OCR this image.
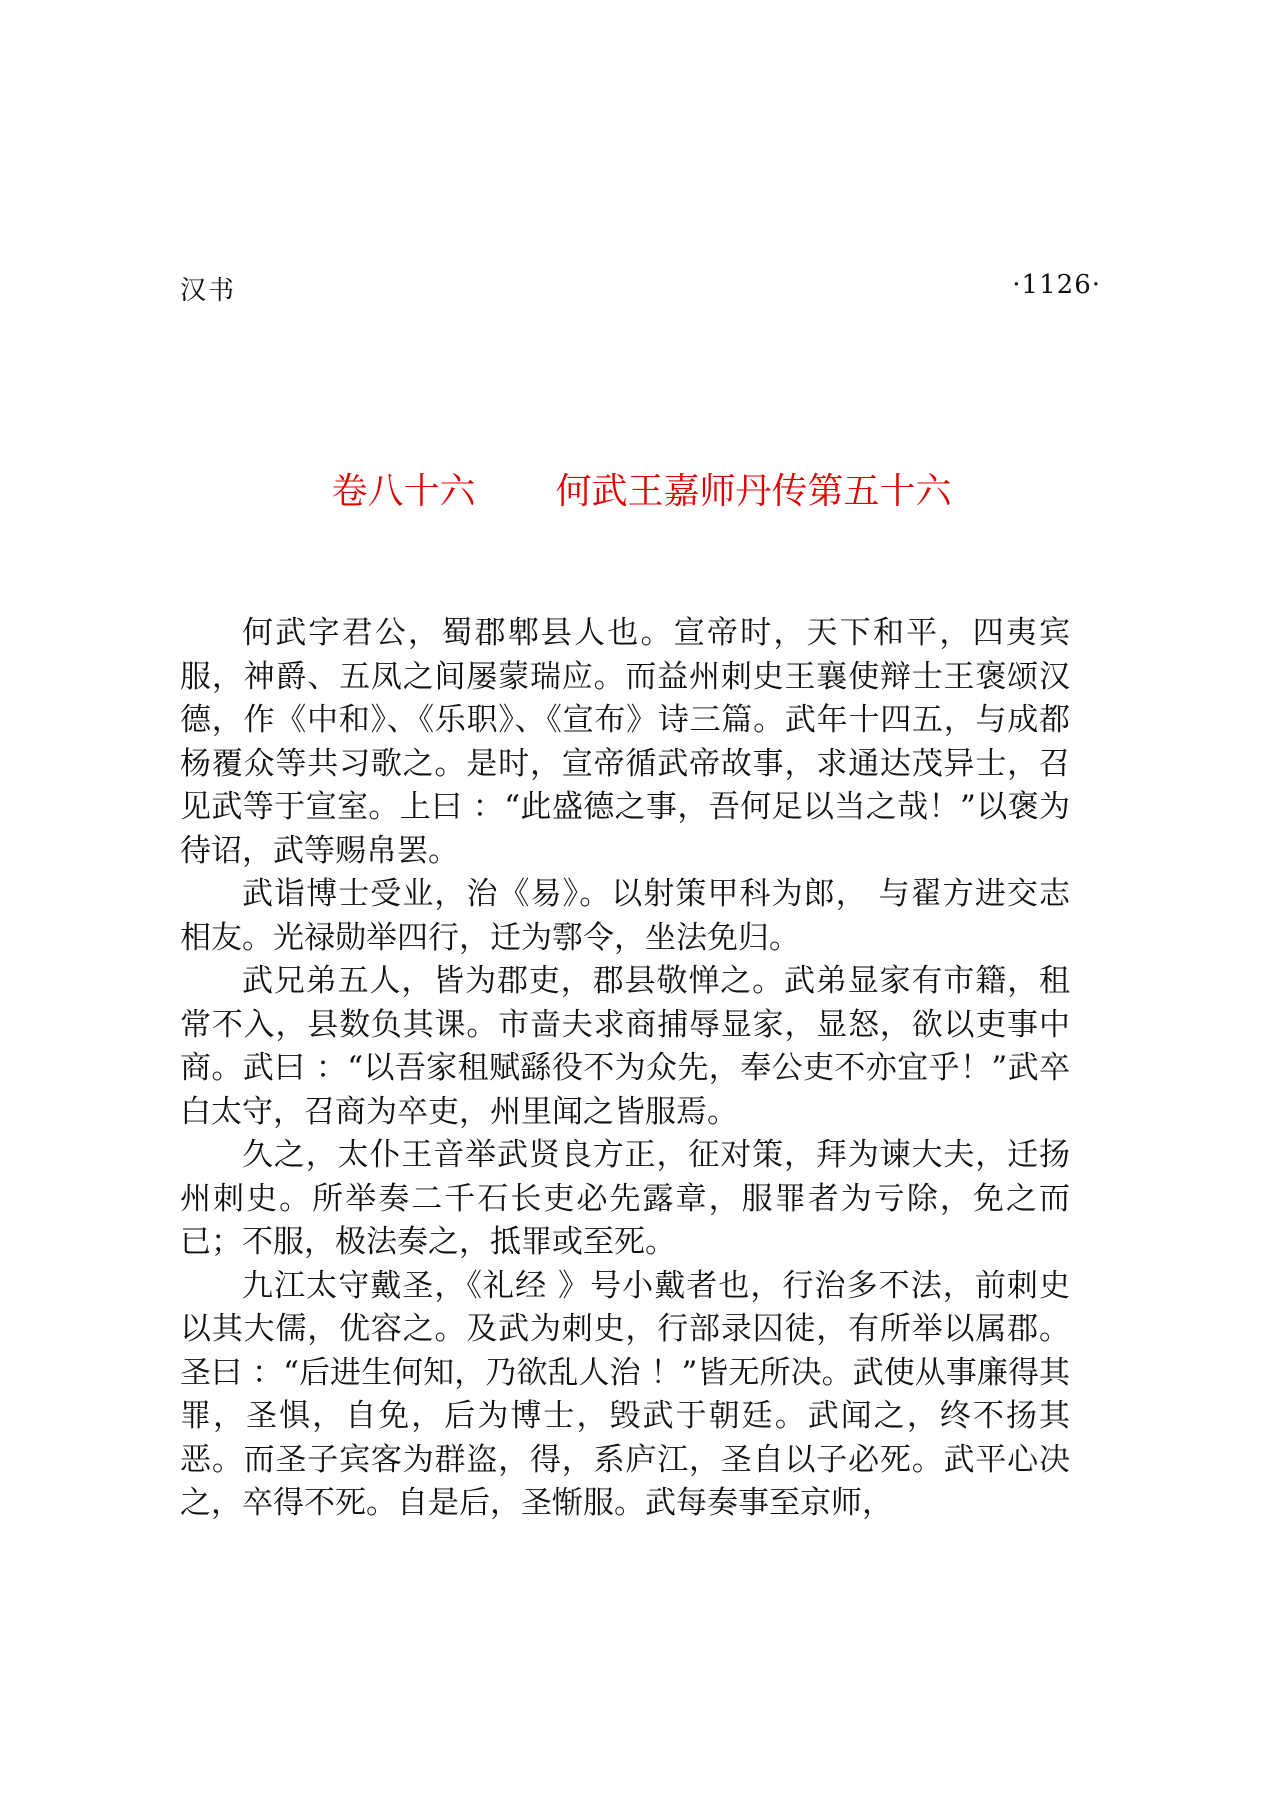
汉书	·1126·
卷八十六 何武王嘉师丹传第五十六

何武字君公，蜀郡郫县人也。宣帝时，天下和平，四夷宾服，神爵、五凤之间屡蒙瑞应。而益州刺史王襄使辩士王褒颂汉德，作《中和》、《乐职》、《宣布》诗三篇。武年十四五，与成都杨覆众等共习歌之。是时，宣帝循武帝故事，求通达茂异士，召见武等于宣室。上曰 ：“此盛德之事，吾何足以当之哉！”以褒为待诏，武等赐帛罢。

武诣博士受业，治《易》。以射策甲科为郎， 与翟方进交志相友。光禄勋举四行，迁为鄠令，坐法免归。

武兄弟五人，皆为郡吏，郡县敬惮之。武弟显家有市籍，租常不入，县数负其课。市啬夫求商捕辱显家，显怒，欲以吏事中商。武曰 ：“以吾家租赋繇役不为众先，奉公吏不亦宜乎！”武卒白太守，召商为卒吏，州里闻之皆服焉。

久之，太仆王音举武贤良方正，征对策，拜为谏大夫，迁扬州刺史。所举奏二千石长吏必先露章，服罪者为亏除，免之而已；不服，极法奏之，抵罪或至死。

九江太守戴圣，《礼经 》号小戴者也，行治多不法，前刺史以其大儒，优容之。及武为刺史，行部录囚徒，有所举以属郡。圣曰 ：“后进生何知，乃欲乱人治 ！”皆无所决。武使从事廉得其罪，圣惧，自免，后为博士，毁武于朝廷。武闻之，终不扬其恶。而圣子宾客为群盗，得，系庐江，圣自以子必死。武平心决之，卒得不死。自是后，圣惭服。武每奏事至京师，
